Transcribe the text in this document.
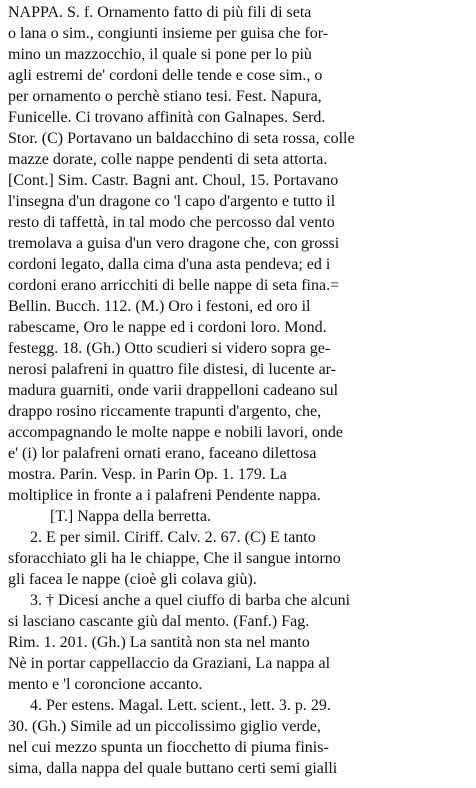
NAPPA. S. f. Ornamento fatto di più fili di seta
o lana o sim., congiunti insieme per guisa che for-
mino un mazzocchio, il quale si pone per lo più
agli estremi de' cordoni delle tende e cose sim., o
per ornamento o perchè stiano tesi. Fest. Napura,
Funicelle. Ci trovano affinità con Galnapes. Serd.
Stor. (C) Portavano un baldacchino di seta rossa, colle
mazze dorate, colle nappe pendenti di seta attorta.
[Cont.] Sim. Castr. Bagni ant. Choul, 15. Portavano
l'insegna d'un dragone co 'l capo d'argento e tutto il
resto di taffettà, in tal modo che percosso dal vento
tremolava a guisa d'un vero dragone che, con grossi
cordoni legato, dalla cima d'una asta pendeva; ed i
cordoni erano arricchiti di belle nappe di seta fina.=
Bellin. Bucch. 112. (M.) Oro i festoni, ed oro il
rabescame, Oro le nappe ed i cordoni loro. Mond.
festegg. 18. (Gh.) Otto scudieri si videro sopra ge-
nerosi palafreni in quattro file distesi, di lucente ar-
madura guarniti, onde varii drappelloni cadeano sul
drappo rosino riccamente trapunti d'argento, che,
accompagnando le molte nappe e nobili lavori, onde
e' (i) lor palafreni ornati erano, faceano dilettosa
mostra. Parin. Vesp. in Parin Op. 1. 179. La
moltiplice in fronte a i palafreni Pendente nappa.
[T.] Nappa della berretta.
2. E per simil. Ciriff. Calv. 2. 67. (C) E tanto
sforacchiato gli ha le chiappe, Che il sangue intorno
gli facea le nappe (cioè gli colava giù).
3. † Dicesi anche a quel ciuffo di barba che alcuni
si lasciano cascante giù dal mento. (Fanf.) Fag.
Rim. 1. 201. (Gh.) La santità non sta nel manto
Nè in portar cappellaccio da Graziani, La nappa al
mento e 'l coroncione accanto.
4. Per estens. Magal. Lett. scient., lett. 3. p. 29.
30. (Gh.) Simile ad un piccolissimo giglio verde,
nel cui mezzo spunta un fiocchetto di piuma finis-
sima, dalla nappa del quale buttano certi semi gialli
